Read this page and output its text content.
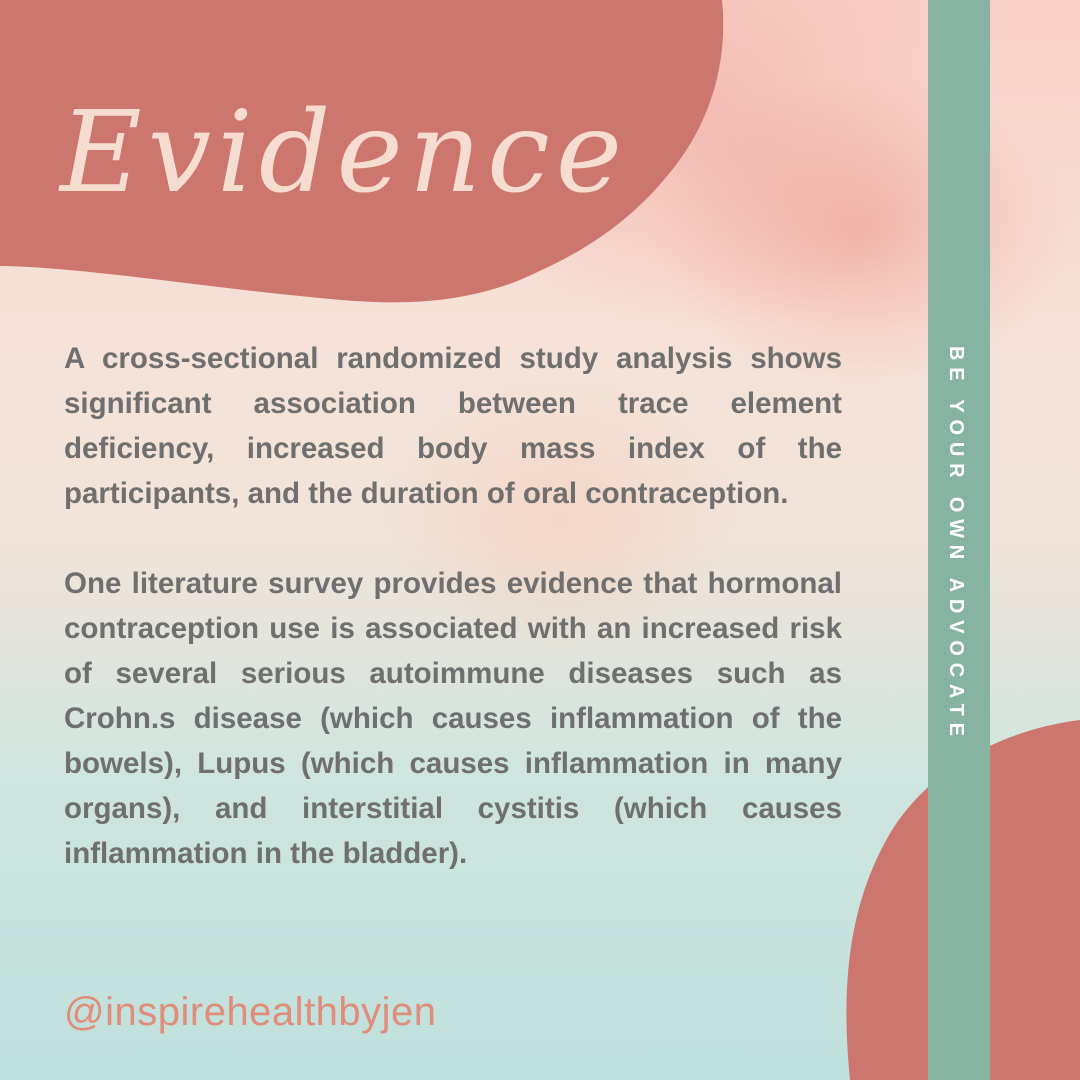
Evidence

A cross-sectional randomized study analysis shows significant association between trace element deficiency, increased body mass index of the participants, and the duration of oral contraception.

One literature survey provides evidence that hormonal contraception use is associated with an increased risk of several serious autoimmune diseases such as Crohn.s disease (which causes inflammation of the bowels), Lupus (which causes inflammation in many organs), and interstitial cystitis (which causes inflammation in the bladder).

@inspirehealthbyjen
BE YOUR OWN ADVOCATE
